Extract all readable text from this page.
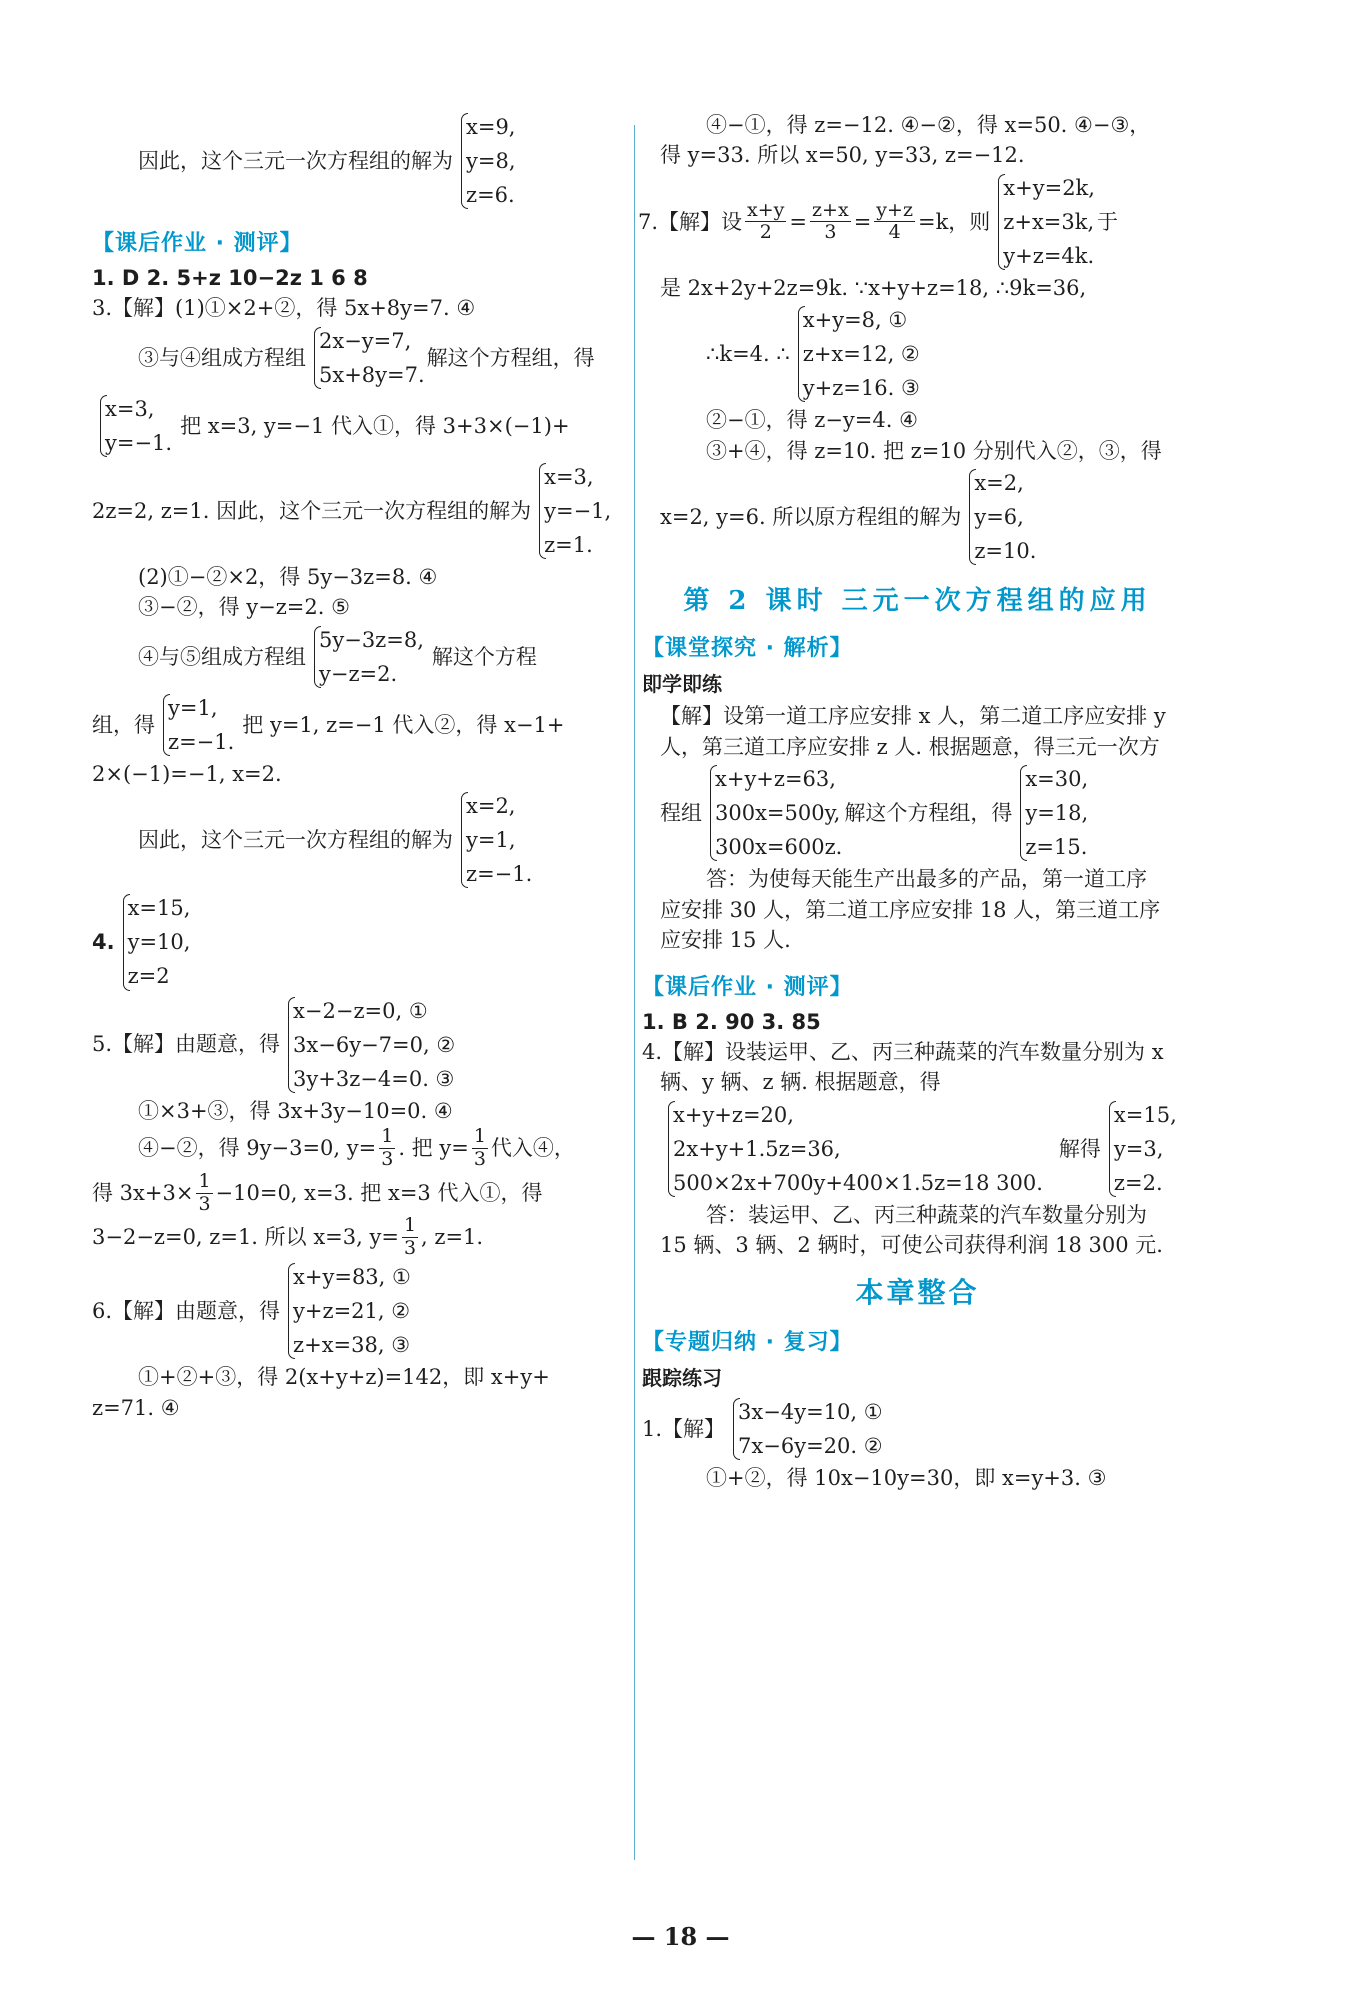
因此，这个三元一次方程组的解为
x=9,
y=8,
z=6.
【课后作业 · 测评】
1. D 2. 5+z 10−2z 1 6 8
3.【解】(1)①×2+②，得 5x+8y=7. ④
③与④组成方程组
2x−y=7,
5x+8y=7.
解这个方程组，得
x=3,
y=−1.
把 x=3, y=−1 代入①，得 3+3×(−1)+
2z=2, z=1. 因此，这个三元一次方程组的解为
x=3,
y=−1,
z=1.
(2)①−②×2，得 5y−3z=8. ④
③−②，得 y−z=2. ⑤
④与⑤组成方程组
5y−3z=8,
y−z=2.
解这个方程
组，得
y=1,
z=−1.
把 y=1, z=−1 代入②，得 x−1+
2×(−1)=−1, x=2.
因此，这个三元一次方程组的解为
x=2,
y=1,
z=−1.
4.
x=15,
y=10,
z=2
5.【解】由题意，得
x−2−z=0, ①
3x−6y−7=0, ②
3y+3z−4=0. ③
①×3+③，得 3x+3y−10=0. ④
④−②，得 9y−3=0, $y= \frac{1}{3}$ . 把 $y= \frac{1}{3}$ 代入④，
得 $3x+3\times \frac{1}{3} -10=0$, x=3. 把 x=3 代入①，得
3−2−z=0, z=1. 所以 x=3, $y= \frac{1}{3}$ , z=1.
6.【解】由题意，得
x+y=83, ①
y+z=21, ②
z+x=38, ③
①+②+③，得 2(x+y+z)=142，即 x+y+
z=71. ④
④−①，得 z=−12. ④−②，得 x=50. ④−③，
得 y=33. 所以 x=50, y=33, z=−12.
7.【解】设 $\frac{x+y}{2} = \frac{z+x}{3} = \frac{y+z}{4} =k$，则
x+y=2k,
z+x=3k,
y+z=4k.
于
是 2x+2y+2z=9k. ∵x+y+z=18, ∴9k=36,
∴k=4. ∴
x+y=8, ①
z+x=12, ②
y+z=16. ③
②−①，得 z−y=4. ④
③+④，得 z=10. 把 z=10 分别代入②，③，得
x=2, y=6. 所以原方程组的解为
x=2,
y=6,
z=10.
第 2 课时 三元一次方程组的应用
【课堂探究 · 解析】
即学即练
【解】设第一道工序应安排 x 人，第二道工序应安排 y
人，第三道工序应安排 z 人. 根据题意，得三元一次方
程组
x+y+z=63,
300x=500y,
300x=600z.
解这个方程组，得
x=30,
y=18,
z=15.
答：为使每天能生产出最多的产品，第一道工序
应安排 30 人，第二道工序应安排 18 人，第三道工序
应安排 15 人.
【课后作业 · 测评】
1. B 2. 90 3. 85
4.【解】设装运甲、乙、丙三种蔬菜的汽车数量分别为 x
辆、y 辆、z 辆. 根据题意，得
x+y+z=20,
2x+y+1.5z=36,
500×2x+700y+400×1.5z=18 300.
解得
x=15,
y=3,
z=2.
答：装运甲、乙、丙三种蔬菜的汽车数量分别为
15 辆、3 辆、2 辆时，可使公司获得利润 18 300 元.
本章整合
【专题归纳 · 复习】
跟踪练习
1.【解】
3x−4y=10, ①
7x−6y=20. ②
①+②，得 10x−10y=30，即 x=y+3. ③
— 18 —
